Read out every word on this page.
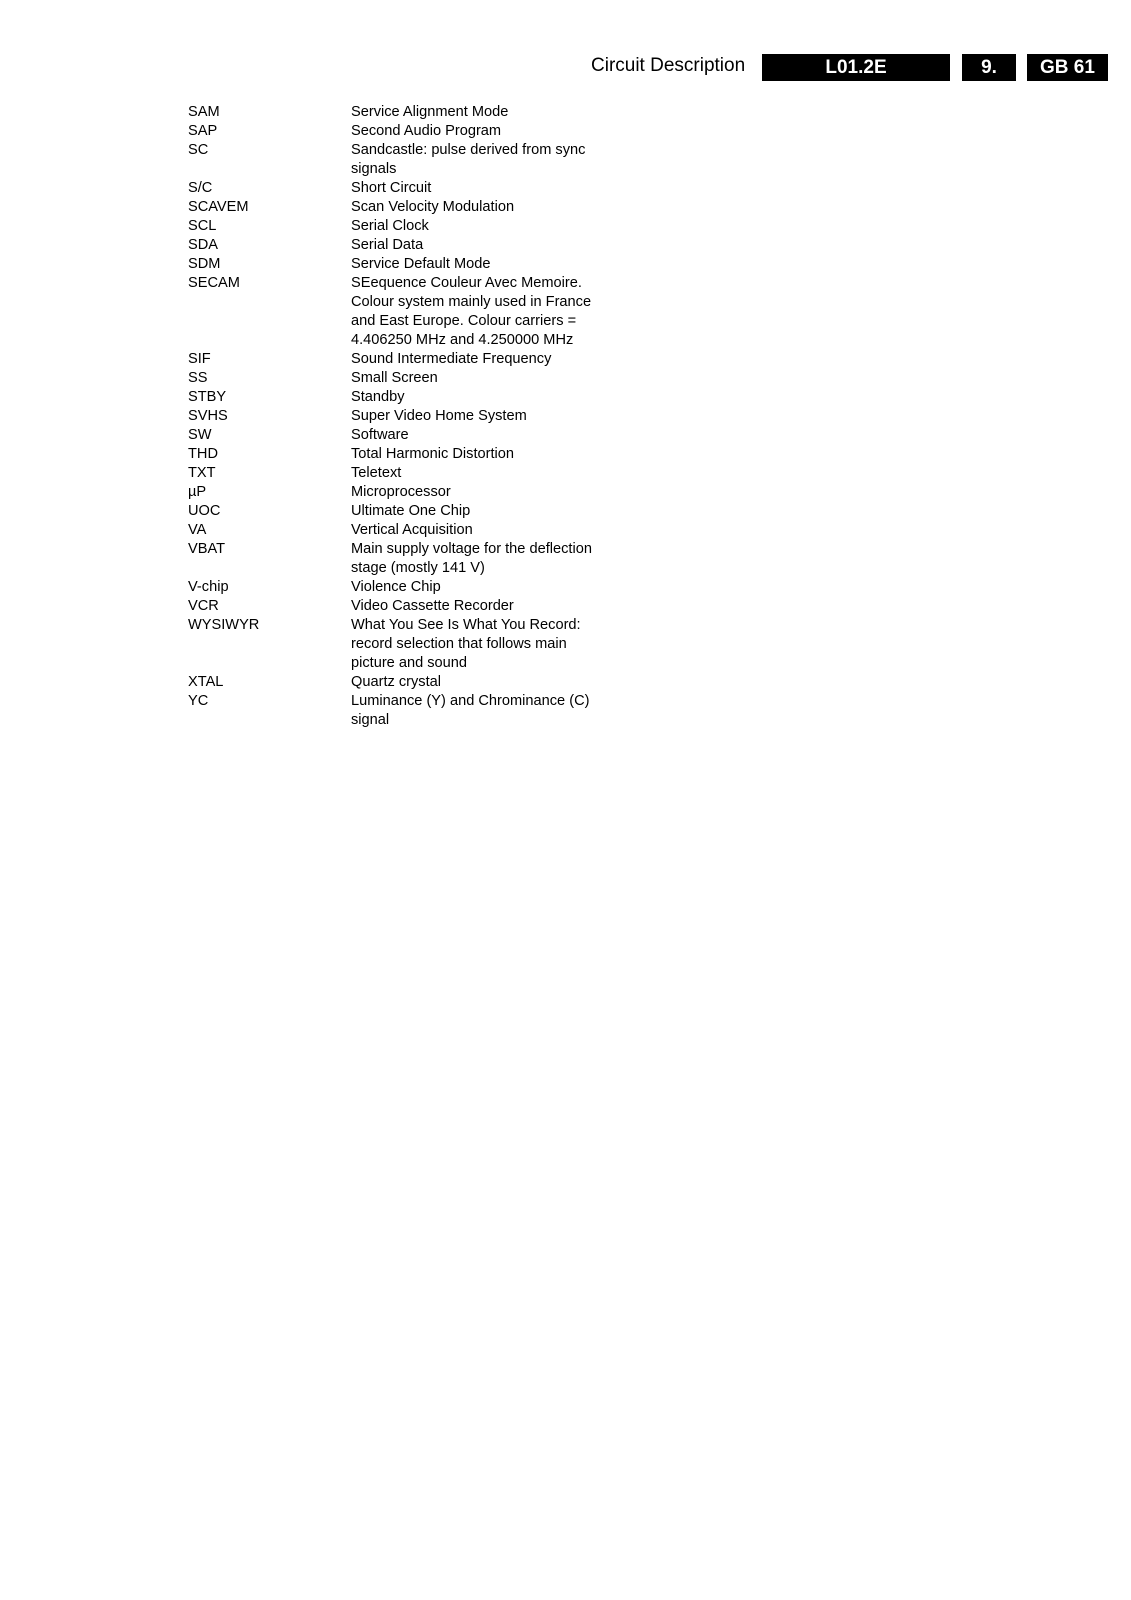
Circuit Description	L01.2E	9.	GB 61
SAM	Service Alignment Mode
SAP	Second Audio Program
SC	Sandcastle: pulse derived from sync signals
S/C	Short Circuit
SCAVEM	Scan Velocity Modulation
SCL	Serial Clock
SDA	Serial Data
SDM	Service Default Mode
SECAM	SEequence Couleur Avec Memoire. Colour system mainly used in France and East Europe. Colour carriers = 4.406250 MHz and 4.250000 MHz
SIF	Sound Intermediate Frequency
SS	Small Screen
STBY	Standby
SVHS	Super Video Home System
SW	Software
THD	Total Harmonic Distortion
TXT	Teletext
µP	Microprocessor
UOC	Ultimate One Chip
VA	Vertical Acquisition
VBAT	Main supply voltage for the deflection stage (mostly 141 V)
V-chip	Violence Chip
VCR	Video Cassette Recorder
WYSIWYR	What You See Is What You Record: record selection that follows main picture and sound
XTAL	Quartz crystal
YC	Luminance (Y) and Chrominance (C) signal
